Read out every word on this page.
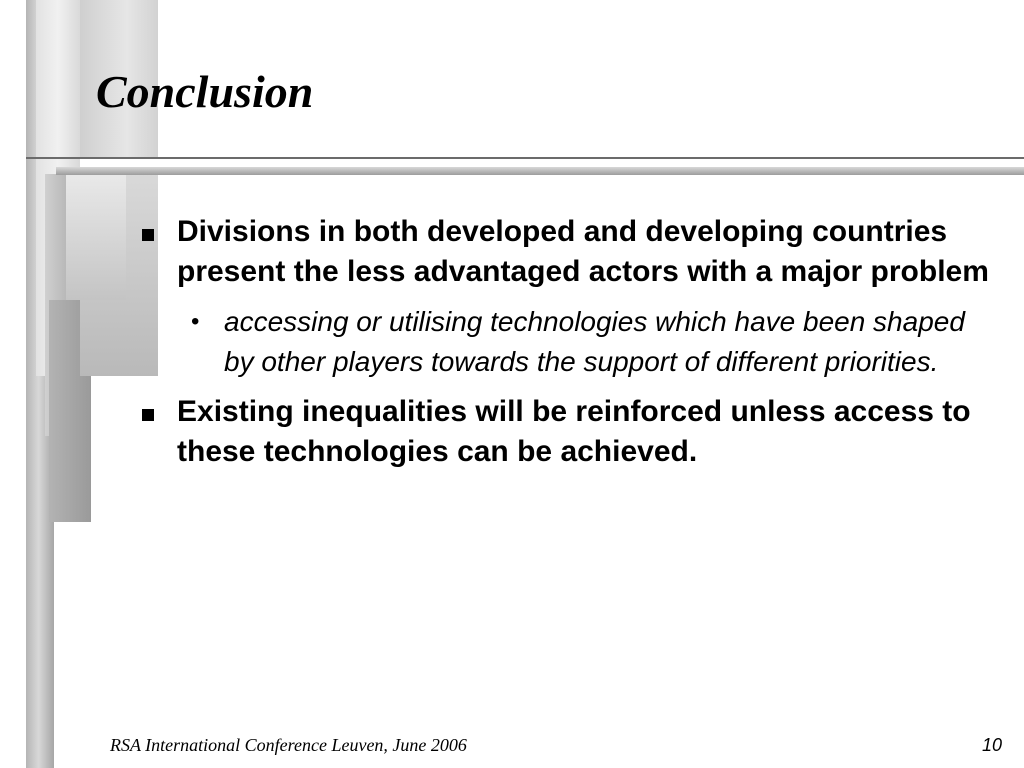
Conclusion
Divisions in both developed and developing countries present the less advantaged actors with a major problem
• accessing or utilising technologies which have been shaped by other players towards the support of different priorities.
Existing inequalities will be reinforced unless access to these technologies can be achieved.
RSA International Conference Leuven, June 2006	10
